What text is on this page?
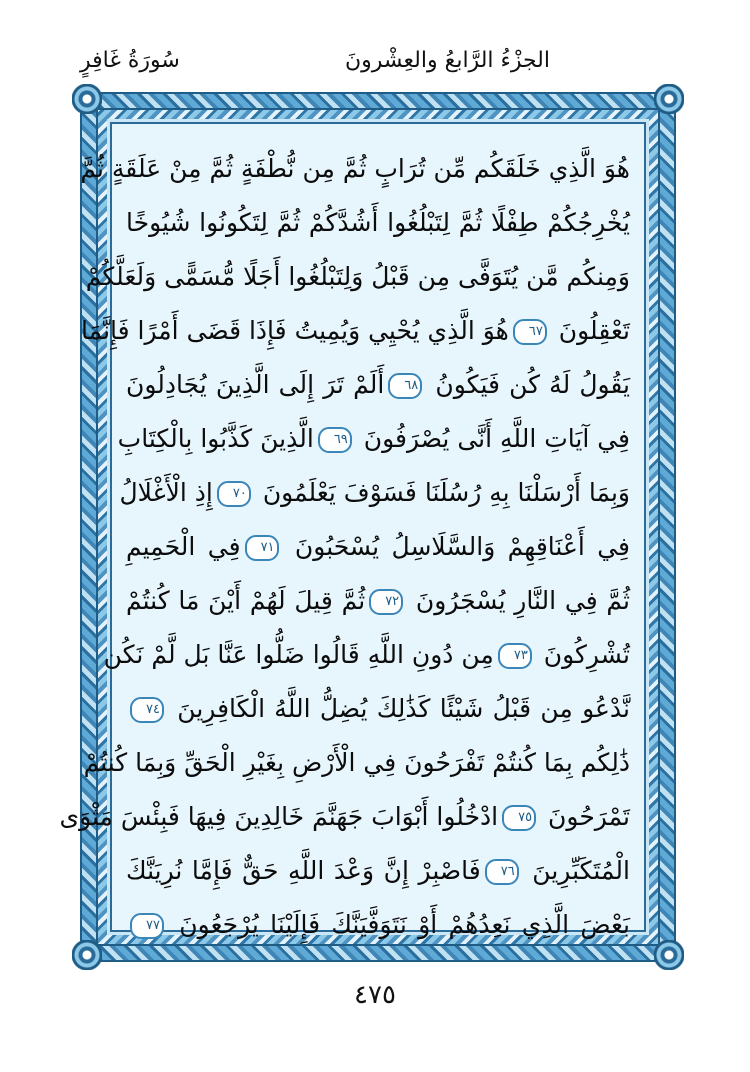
الجزْءُ الرَّابعُ والعِشْرونَ
سُورَةُ غَافِرٍ
هُوَ الَّذِي خَلَقَكُم مِّن تُرَابٍ ثُمَّ مِن نُّطْفَةٍ ثُمَّ مِنْ عَلَقَةٍ ثُمَّ
يُخْرِجُكُمْ طِفْلًا ثُمَّ لِتَبْلُغُوا أَشُدَّكُمْ ثُمَّ لِتَكُونُوا شُيُوخًا
وَمِنكُم مَّن يُتَوَفَّى مِن قَبْلُ وَلِتَبْلُغُوا أَجَلًا مُّسَمًّى وَلَعَلَّكُمْ
تَعْقِلُونَ ٦٧هُوَ الَّذِي يُحْيِي وَيُمِيتُ فَإِذَا قَضَى أَمْرًا فَإِنَّمَا
يَقُولُ لَهُ كُن فَيَكُونُ ٦٨أَلَمْ تَرَ إِلَى الَّذِينَ يُجَادِلُونَ
فِي آيَاتِ اللَّهِ أَنَّى يُصْرَفُونَ ٦٩الَّذِينَ كَذَّبُوا بِالْكِتَابِ
وَبِمَا أَرْسَلْنَا بِهِ رُسُلَنَا فَسَوْفَ يَعْلَمُونَ ٧٠إِذِ الْأَغْلَالُ
فِي أَعْنَاقِهِمْ وَالسَّلَاسِلُ يُسْحَبُونَ ٧١فِي الْحَمِيمِ
ثُمَّ فِي النَّارِ يُسْجَرُونَ ٧٢ثُمَّ قِيلَ لَهُمْ أَيْنَ مَا كُنتُمْ
تُشْرِكُونَ ٧٣مِن دُونِ اللَّهِ قَالُوا ضَلُّوا عَنَّا بَل لَّمْ نَكُن
نَّدْعُو مِن قَبْلُ شَيْئًا كَذَٰلِكَ يُضِلُّ اللَّهُ الْكَافِرِينَ ٧٤
ذَٰلِكُم بِمَا كُنتُمْ تَفْرَحُونَ فِي الْأَرْضِ بِغَيْرِ الْحَقِّ وَبِمَا كُنتُمْ
تَمْرَحُونَ ٧٥ادْخُلُوا أَبْوَابَ جَهَنَّمَ خَالِدِينَ فِيهَا فَبِئْسَ مَثْوَى
الْمُتَكَبِّرِينَ ٧٦فَاصْبِرْ إِنَّ وَعْدَ اللَّهِ حَقٌّ فَإِمَّا نُرِيَنَّكَ
بَعْضَ الَّذِي نَعِدُهُمْ أَوْ نَتَوَفَّيَنَّكَ فَإِلَيْنَا يُرْجَعُونَ ٧٧
٤٧٥
